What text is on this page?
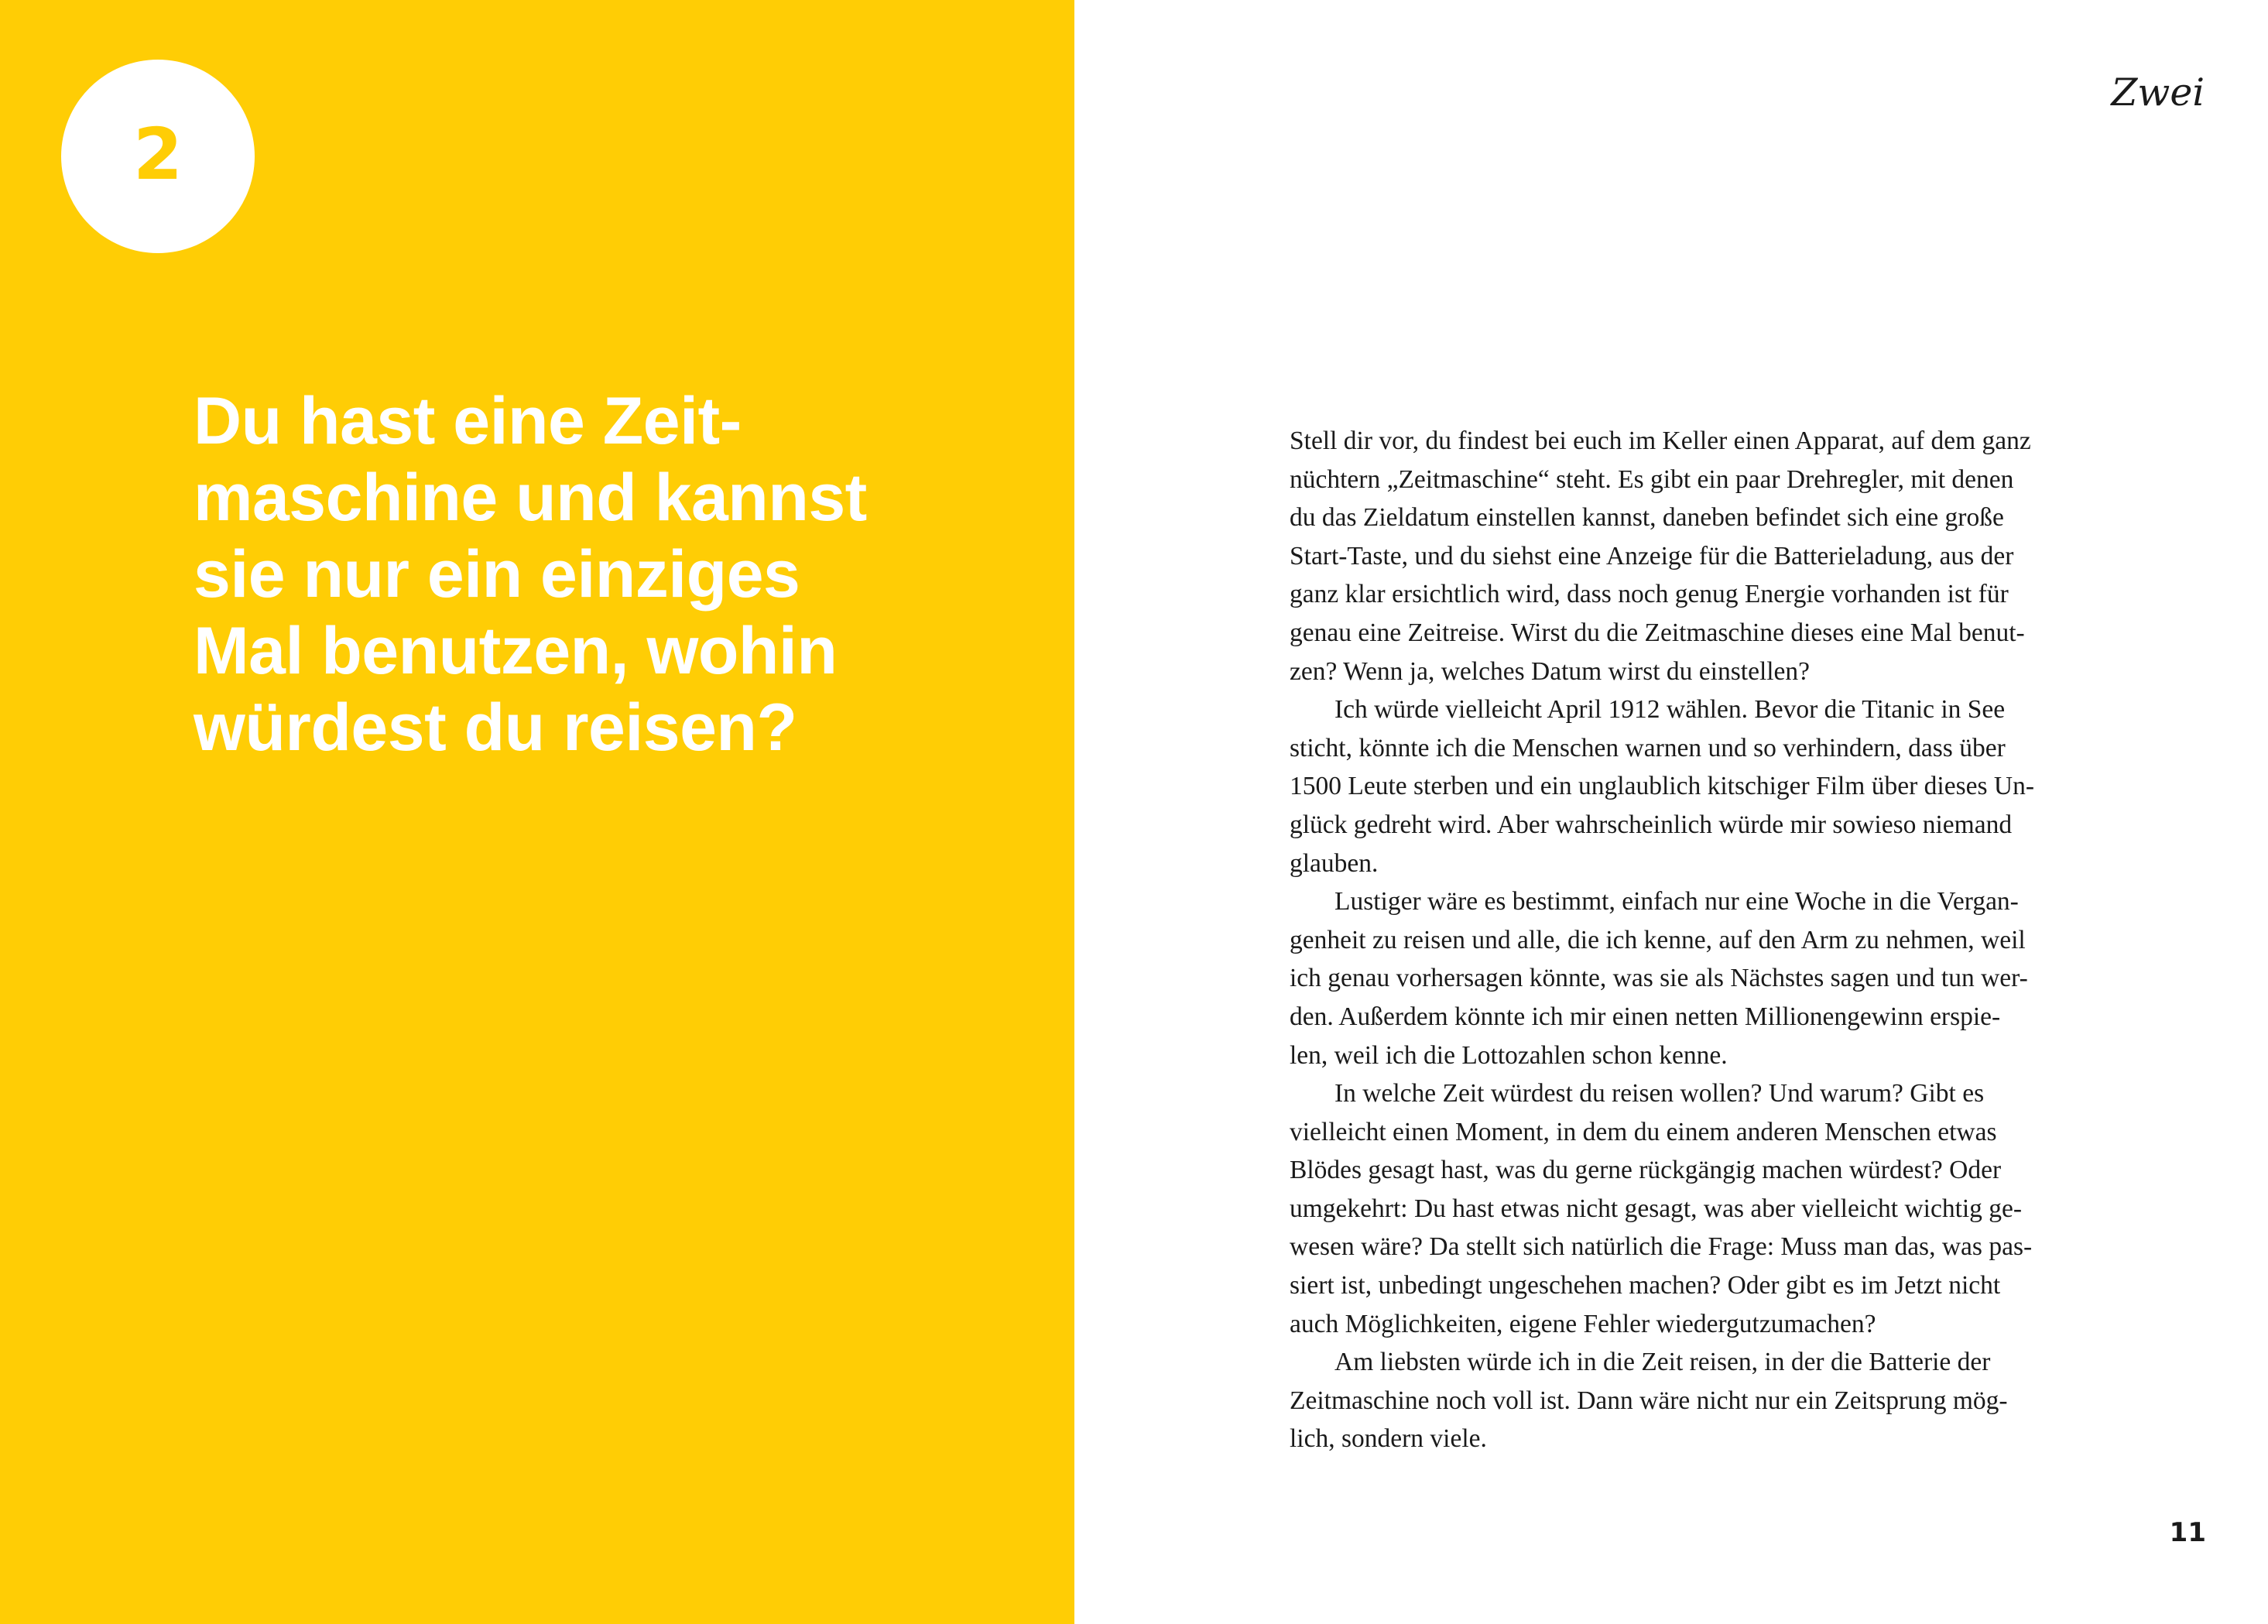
2
Du hast eine Zeit-
maschine und kannst
sie nur ein einziges
Mal benutzen, wohin
würdest du reisen?
Zwei
Stell dir vor, du findest bei euch im Keller einen Apparat, auf dem ganz
nüchtern „Zeitmaschine“ steht. Es gibt ein paar Drehregler, mit denen
du das Zieldatum einstellen kannst, daneben befindet sich eine große
Start-Taste, und du siehst eine Anzeige für die Batterieladung, aus der
ganz klar ersichtlich wird, dass noch genug Energie vorhanden ist für
genau eine Zeitreise. Wirst du die Zeitmaschine dieses eine Mal benut-
zen? Wenn ja, welches Datum wirst du einstellen?
Ich würde vielleicht April 1912 wählen. Bevor die Titanic in See
sticht, könnte ich die Menschen warnen und so verhindern, dass über
1500 Leute sterben und ein unglaublich kitschiger Film über dieses Un-
glück gedreht wird. Aber wahrscheinlich würde mir sowieso niemand
glauben.
Lustiger wäre es bestimmt, einfach nur eine Woche in die Vergan-
genheit zu reisen und alle, die ich kenne, auf den Arm zu nehmen, weil
ich genau vorhersagen könnte, was sie als Nächstes sagen und tun wer-
den. Außerdem könnte ich mir einen netten Millionengewinn erspie-
len, weil ich die Lottozahlen schon kenne.
In welche Zeit würdest du reisen wollen? Und warum? Gibt es
vielleicht einen Moment, in dem du einem anderen Menschen etwas
Blödes gesagt hast, was du gerne rückgängig machen würdest? Oder
umgekehrt: Du hast etwas nicht gesagt, was aber vielleicht wichtig ge-
wesen wäre? Da stellt sich natürlich die Frage: Muss man das, was pas-
siert ist, unbedingt ungeschehen machen? Oder gibt es im Jetzt nicht
auch Möglichkeiten, eigene Fehler wiedergutzumachen?
Am liebsten würde ich in die Zeit reisen, in der die Batterie der
Zeitmaschine noch voll ist. Dann wäre nicht nur ein Zeitsprung mög-
lich, sondern viele.
11
